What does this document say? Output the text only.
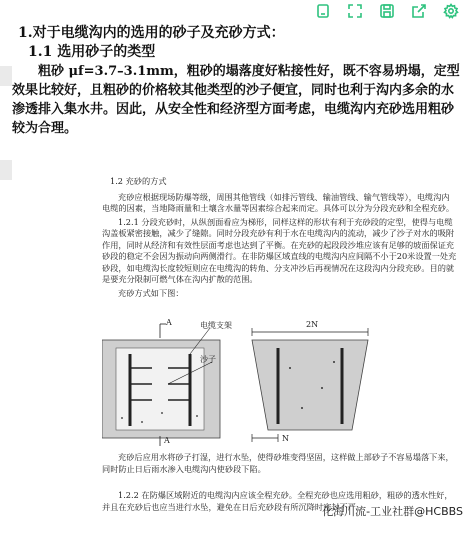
1.对于电缆沟内的选用的砂子及充砂方式：
1.1 选用砂子的类型

粗砂 μf=3.7–3.1mm，粗砂的塌落度好粘接性好，既不容易坍塌，定型效果比较好，且粗砂的价格较其他类型的沙子便宜，同时也利于沟内多余的水渗透排入集水井。因此，从安全性和经济型方面考虑，电缆沟内充砂选用粗砂较为合理。

1.2 充砂的方式

充砂应根据现场防爆等级，周围其他管线（如排污管线、输油管线、输气管线等），电缆沟内电缆的因素，当地降雨量和土壤含水量等因素综合起来而定。具体可以分为分段充砂和全程充砂。

1.2.1 分段充砂时，从纵剖面看应为梯形，同样这样的形状有利于充砂段的定型，使得与电缆沟盖板紧密接触，减少了缝隙。同时分段充砂有利于水在电缆沟内的流动，减少了沙子对水的吸附作用，同时从经济和有效性层面考虑也达到了平衡。在充砂的起段段沙堆应该有足够的坡面保证充砂段的稳定不会因为振动向两侧滑行。在非防爆区域直线的电缆沟内应间隔不小于20米设置一处充砂段，如电缆沟长度较短则应在电缆沟的转角、分支冲沙后再视情况在这段沟内分段充砂。目的就是要充分限制可燃气体在沟内扩散的范围。

充砂方式如下图：

电缆支架
沙子
A
A
2N
N

充砂后应用水将砂子打湿，进行水坠，使得砂堆变得坚固，这样做上部砂子不容易塌落下来，同时防止日后雨水渗入电缆沟内使砂段下陷。

1.2.2 在防爆区域附近的电缆沟内应该全程充砂。全程充砂也应选用粗砂，粗砂的透水性好，并且在充砂后也应当进行水坠，避免在日后充砂段有所沉降时密封不严。

化海川流-工业社群@HCBBS
